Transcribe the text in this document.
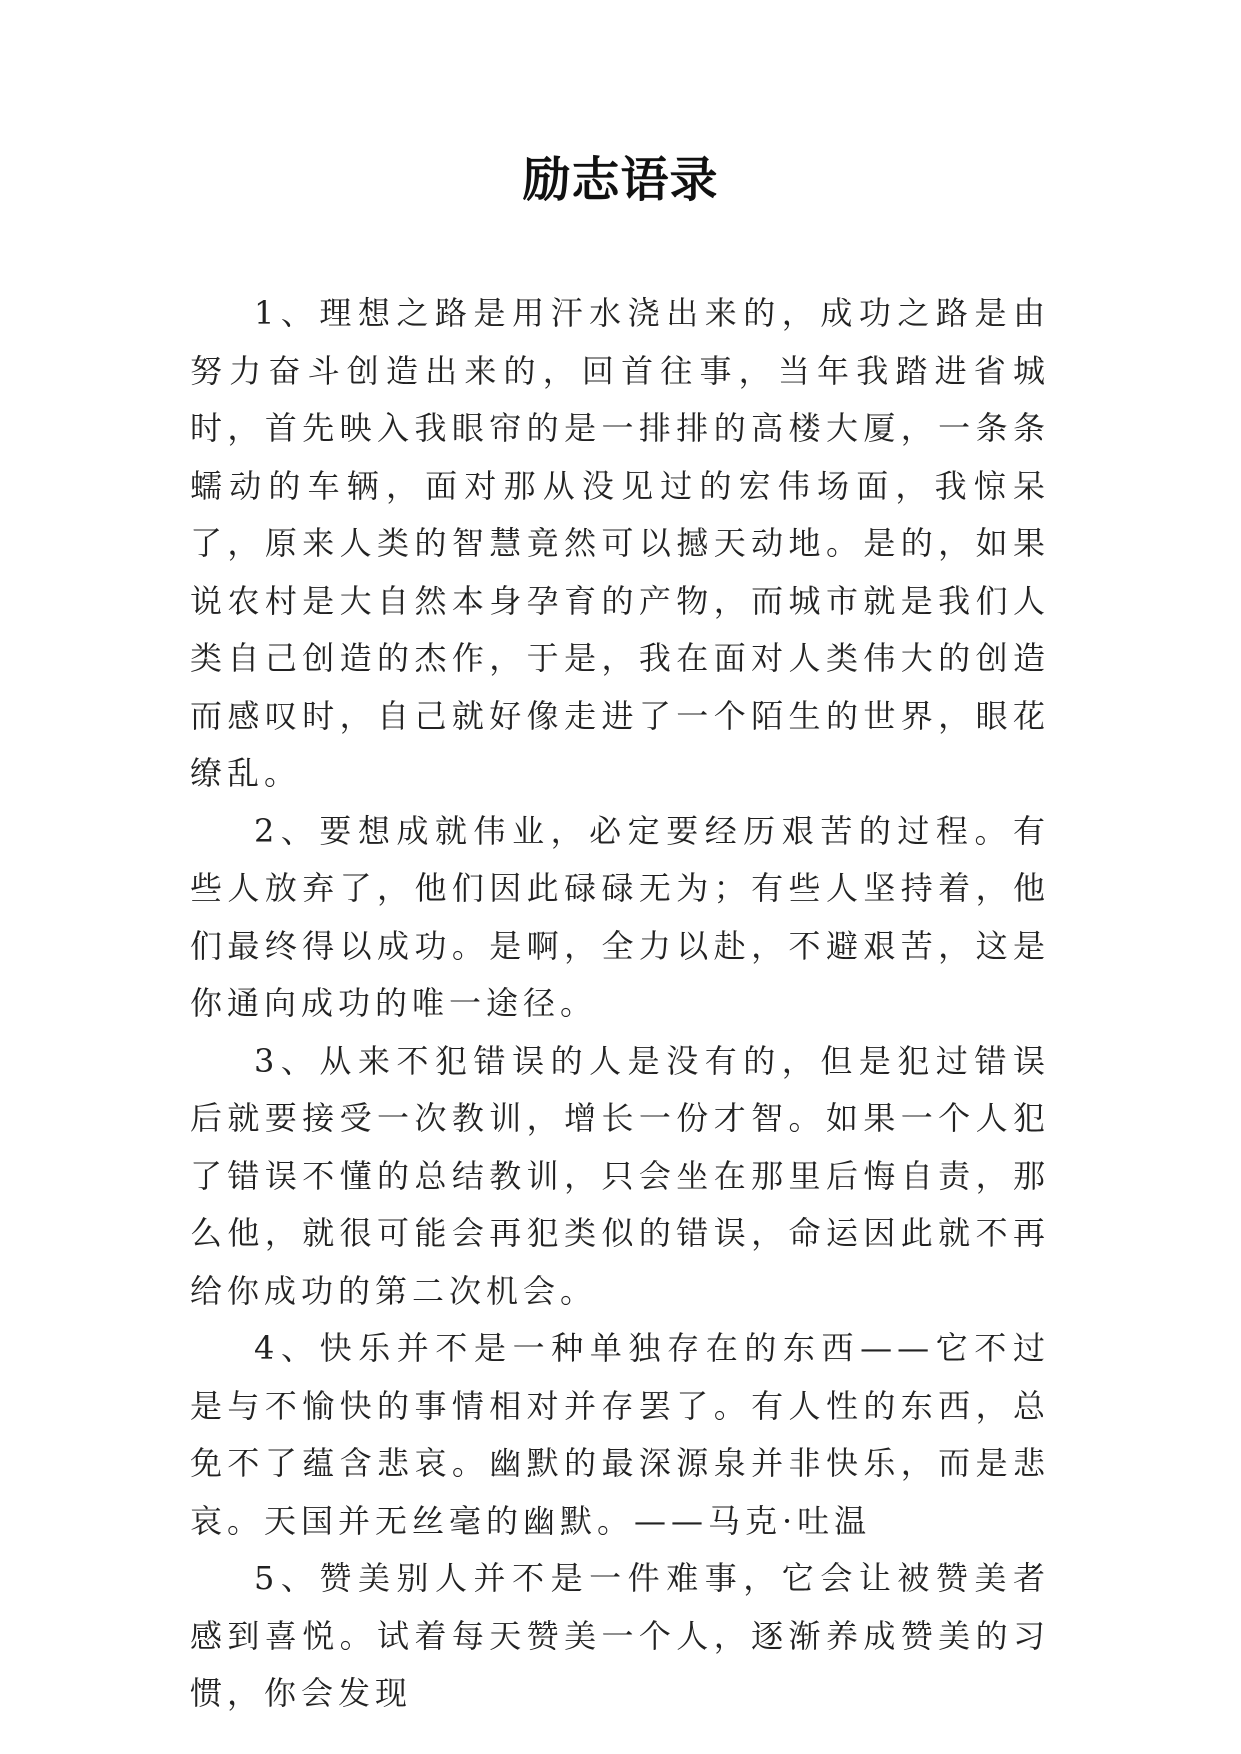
励志语录

1、理想之路是用汗水浇出来的，成功之路是由努力奋斗创造出来的，回首往事，当年我踏进省城时，首先映入我眼帘的是一排排的高楼大厦，一条条蠕动的车辆，面对那从没见过的宏伟场面，我惊呆了，原来人类的智慧竟然可以撼天动地。是的，如果说农村是大自然本身孕育的产物，而城市就是我们人类自己创造的杰作，于是，我在面对人类伟大的创造而感叹时，自己就好像走进了一个陌生的世界，眼花缭乱。

2、要想成就伟业，必定要经历艰苦的过程。有些人放弃了，他们因此碌碌无为；有些人坚持着，他们最终得以成功。是啊，全力以赴，不避艰苦，这是你通向成功的唯一途径。

3、从来不犯错误的人是没有的，但是犯过错误后就要接受一次教训，增长一份才智。如果一个人犯了错误不懂的总结教训，只会坐在那里后悔自责，那么他，就很可能会再犯类似的错误，命运因此就不再给你成功的第二次机会。

4、快乐并不是一种单独存在的东西——它不过是与不愉快的事情相对并存罢了。有人性的东西，总免不了蕴含悲哀。幽默的最深源泉并非快乐，而是悲哀。天国并无丝毫的幽默。——马克·吐温

5、赞美别人并不是一件难事，它会让被赞美者感到喜悦。试着每天赞美一个人，逐渐养成赞美的习惯，你会发现
